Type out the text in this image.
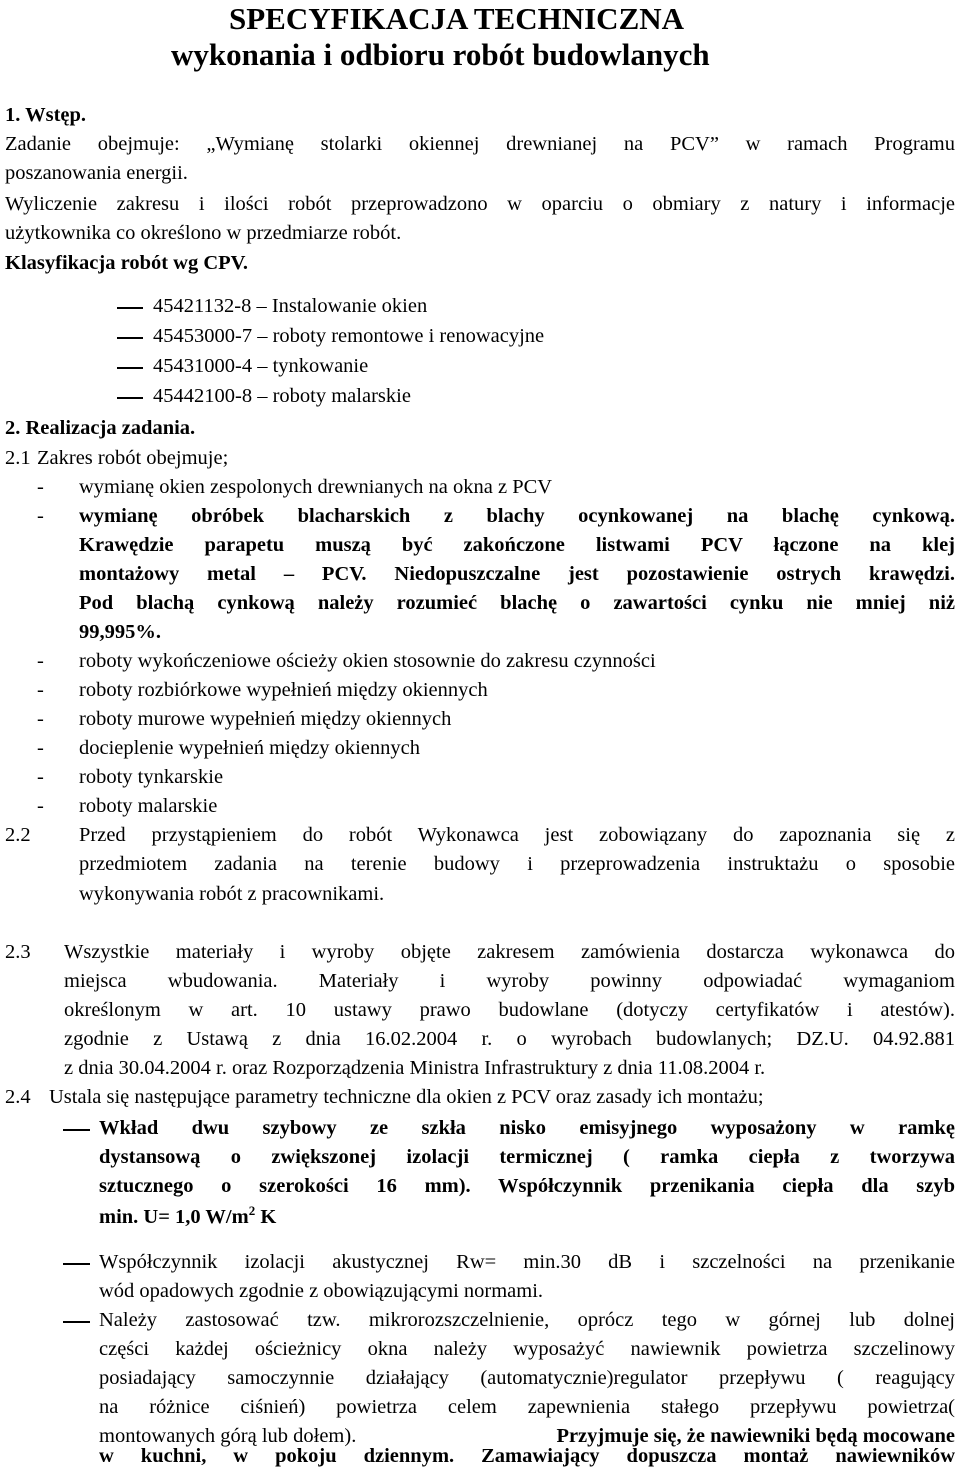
SPECYFIKACJA TECHNICZNA
wykonania i odbioru robót budowlanych
1. Wstęp.
Zadanie obejmuje: „Wymianę stolarki okiennej drewnianej na PCV” w ramach Programu
poszanowania energii.
Wyliczenie zakresu i ilości robót przeprowadzono w oparciu o obmiary z natury i informacje
użytkownika co określono w przedmiarze robót.
Klasyfikacja robót wg CPV.
45421132-8 – Instalowanie okien
45453000-7 – roboty remontowe i renowacyjne
45431000-4 – tynkowanie
45442100-8 – roboty malarskie
2. Realizacja zadania.
2.1 Zakres robót obejmuje;
- wymianę okien zespolonych drewnianych na okna z PCV
- wymianę obróbek blacharskich z blachy ocynkowanej na blachę cynkową.
Krawędzie parapetu muszą być zakończone listwami PCV łączone na klej
montażowy metal – PCV. Niedopuszczalne jest pozostawienie ostrych krawędzi.
Pod blachą cynkową należy rozumieć blachę o zawartości cynku nie mniej niż
99,995%.
- roboty wykończeniowe ościeży okien stosownie do zakresu czynności
- roboty rozbiórkowe wypełnień między okiennych
- roboty murowe wypełnień między okiennych
- docieplenie wypełnień między okiennych
- roboty tynkarskie
- roboty malarskie
2.2 Przed przystąpieniem do robót Wykonawca jest zobowiązany do zapoznania się z
przedmiotem zadania na terenie budowy i przeprowadzenia instruktażu o sposobie
wykonywania robót z pracownikami.
2.3 Wszystkie materiały i wyroby objęte zakresem zamówienia dostarcza wykonawca do
miejsca wbudowania. Materiały i wyroby powinny odpowiadać wymaganiom
określonym w art. 10 ustawy prawo budowlane (dotyczy certyfikatów i atestów).
zgodnie z Ustawą z dnia 16.02.2004 r. o wyrobach budowlanych; DZ.U. 04.92.881
z dnia 30.04.2004 r. oraz Rozporządzenia Ministra Infrastruktury z dnia 11.08.2004 r.
2.4 Ustala się następujące parametry techniczne dla okien z PCV oraz zasady ich montażu;
Wkład dwu szybowy ze szkła nisko emisyjnego wyposażony w ramkę
dystansową o zwiększonej izolacji termicznej ( ramka ciepła z tworzywa
sztucznego o szerokości 16 mm). Współczynnik przenikania ciepła dla szyb
min. U= 1,0 $W/m^2$ K
Współczynnik izolacji akustycznej Rw= min.30 dB i szczelności na przenikanie
wód opadowych zgodnie z obowiązującymi normami.
Należy zastosować tzw. mikrorozszczelnienie, oprócz tego w górnej lub dolnej
części każdej ościeżnicy okna należy wyposażyć nawiewnik powietrza szczelinowy
posiadający samoczynnie działający (automatycznie)regulator przepływu ( reagujący
na różnice ciśnień) powietrza celem zapewnienia stałego przepływu powietrza(
montowanych górą lub dołem).	Przyjmuje się, że nawiewniki będą mocowane
w kuchni, w pokoju dziennym. Zamawiający dopuszcza montaż nawiewników
